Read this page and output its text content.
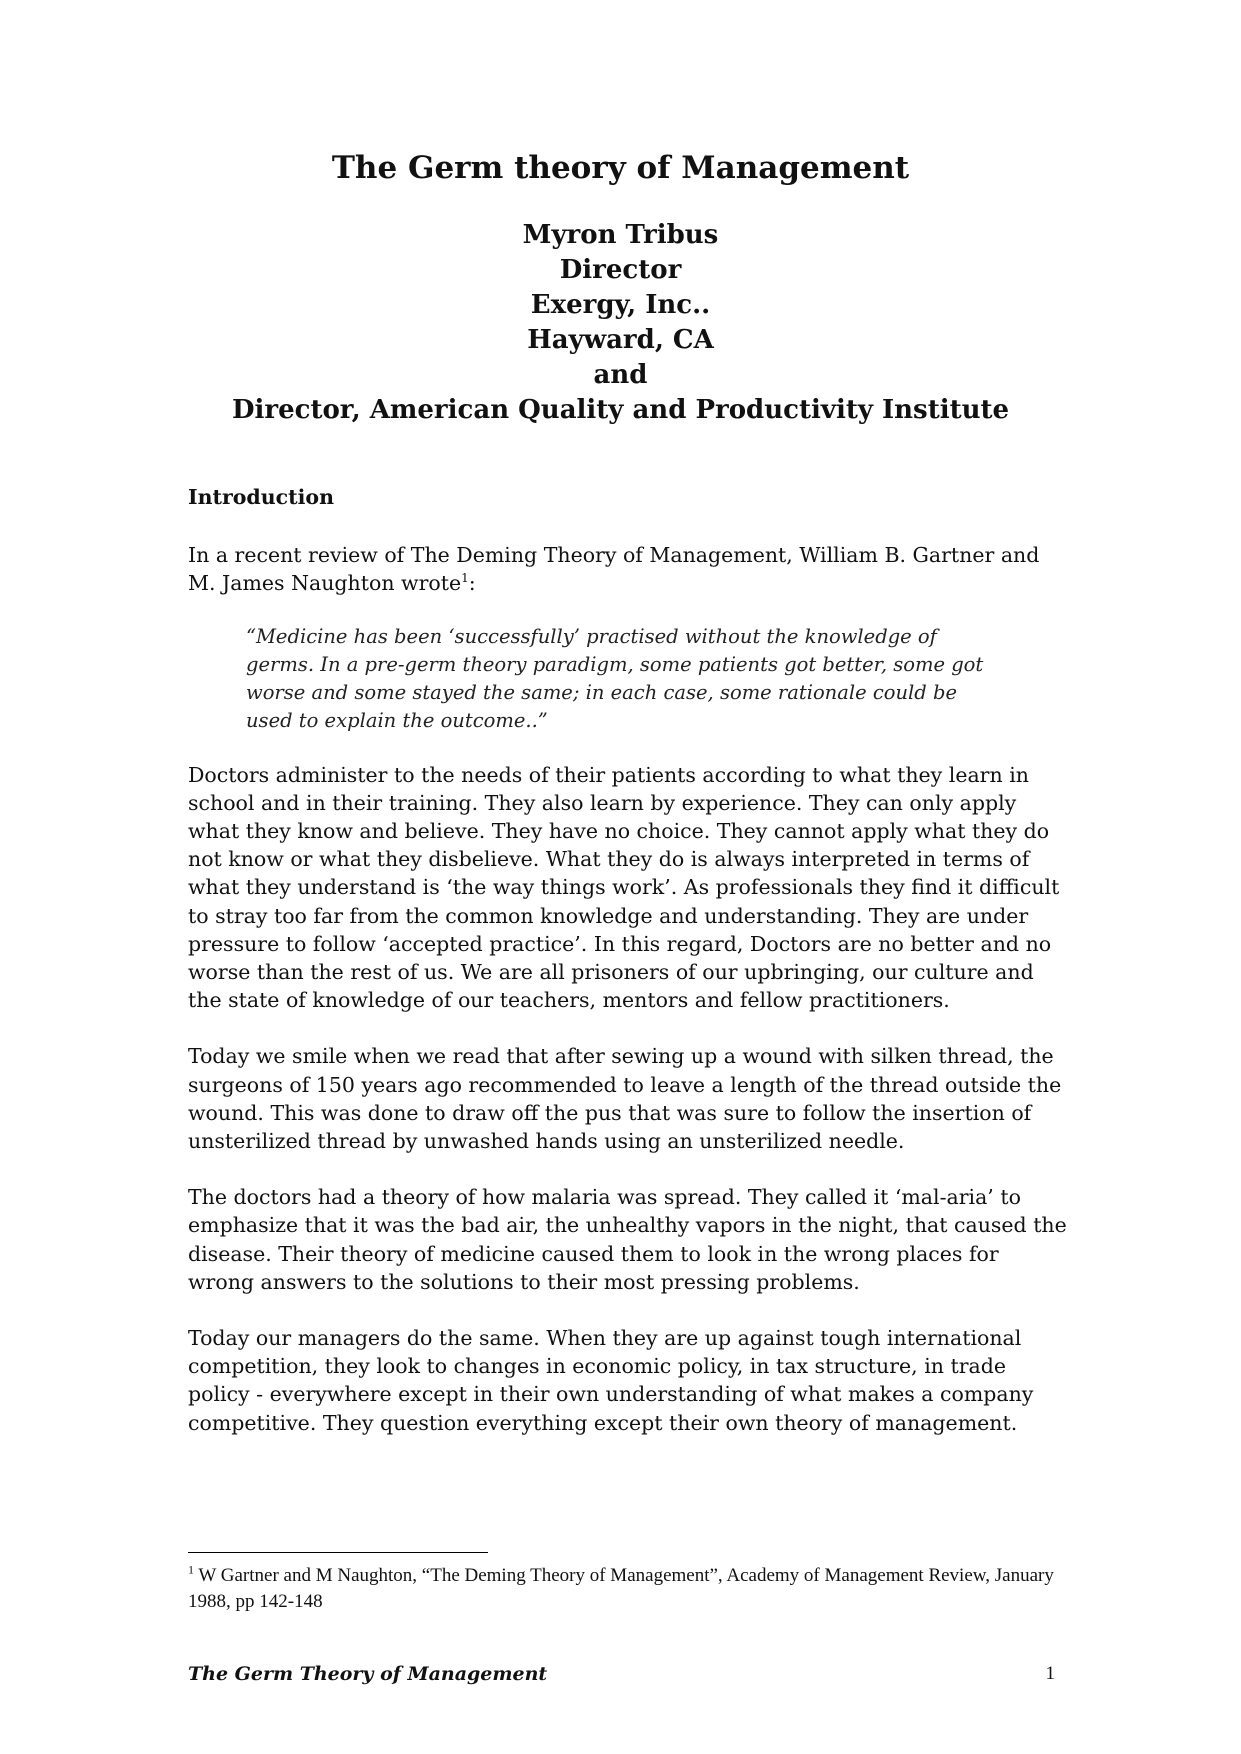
The Germ theory of Management
Myron Tribus
Director
Exergy, Inc..
Hayward, CA
and
Director, American Quality and Productivity Institute
Introduction

In a recent review of The Deming Theory of Management, William B. Gartner and M. James Naughton wrote$^1$:

“Medicine has been ‘successfully’ practised without the knowledge of germs. In a pre-germ theory paradigm, some patients got better, some got worse and some stayed the same; in each case, some rationale could be used to explain the outcome..”

Doctors administer to the needs of their patients according to what they learn in school and in their training. They also learn by experience. They can only apply what they know and believe. They have no choice. They cannot apply what they do not know or what they disbelieve. What they do is always interpreted in terms of what they understand is ‘the way things work’. As professionals they find it difficult to stray too far from the common knowledge and understanding. They are under pressure to follow ‘accepted practice’. In this regard, Doctors are no better and no worse than the rest of us. We are all prisoners of our upbringing, our culture and the state of knowledge of our teachers, mentors and fellow practitioners.

Today we smile when we read that after sewing up a wound with silken thread, the surgeons of 150 years ago recommended to leave a length of the thread outside the wound. This was done to draw off the pus that was sure to follow the insertion of unsterilized thread by unwashed hands using an unsterilized needle.

The doctors had a theory of how malaria was spread. They called it ‘mal-aria’ to emphasize that it was the bad air, the unhealthy vapors in the night, that caused the disease. Their theory of medicine caused them to look in the wrong places for wrong answers to the solutions to their most pressing problems.

Today our managers do the same. When they are up against tough international competition, they look to changes in economic policy, in tax structure, in trade policy - everywhere except in their own understanding of what makes a company competitive. They question everything except their own theory of management.

$^1$ W Gartner and M Naughton, “The Deming Theory of Management”, Academy of Management Review, January 1988, pp 142-148
The Germ Theory of Management	1
